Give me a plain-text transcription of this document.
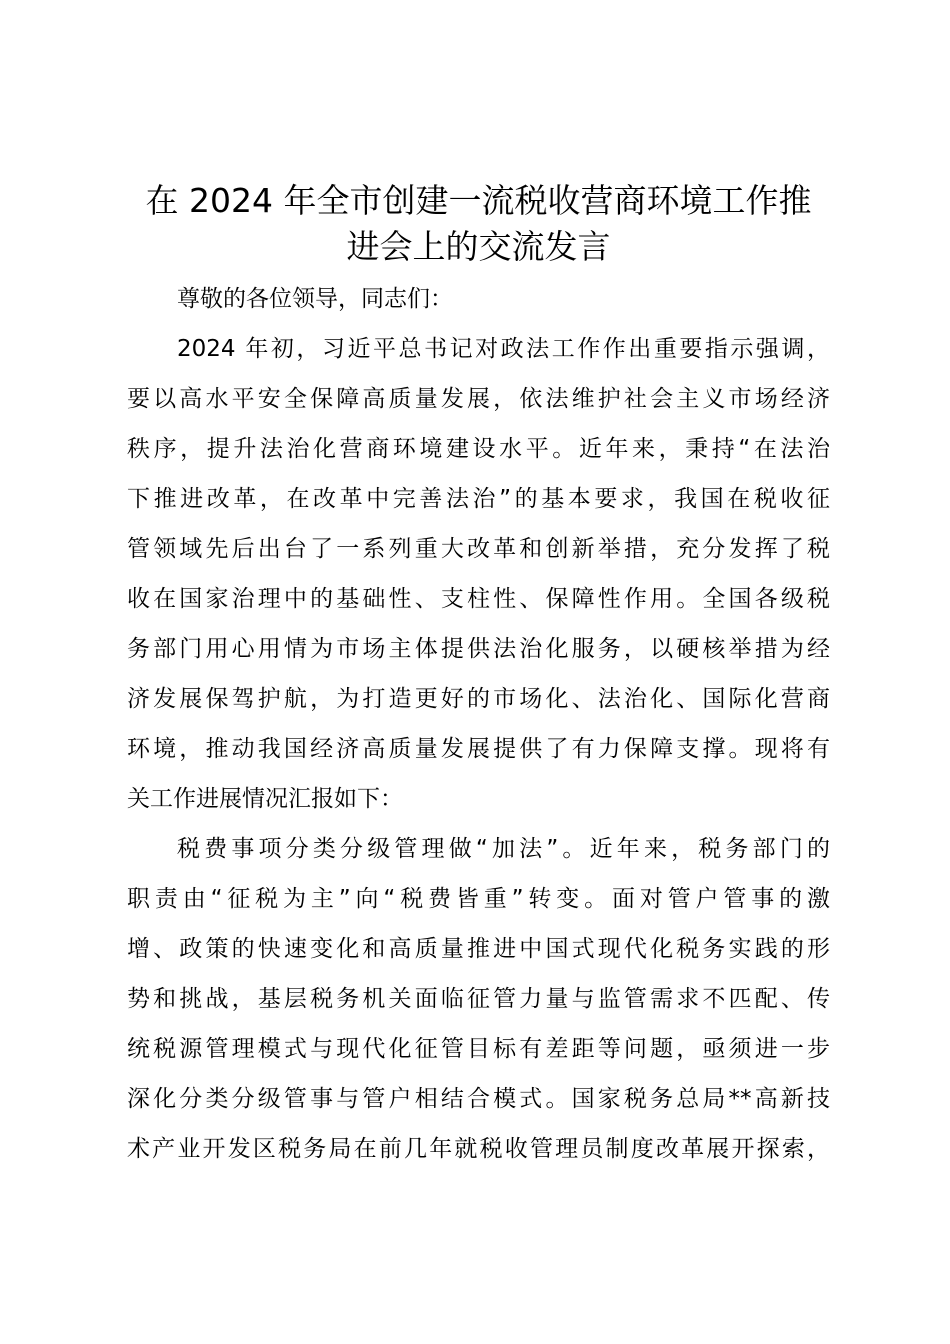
在 2024 年全市创建一流税收营商环境工作推
进会上的交流发言

尊敬的各位领导，同志们：

2024 年初，习近平总书记对政法工作作出重要指示强调，
要以高水平安全保障高质量发展，依法维护社会主义市场经济
秩序，提升法治化营商环境建设水平。近年来，秉持“在法治
下推进改革，在改革中完善法治”的基本要求，我国在税收征
管领域先后出台了一系列重大改革和创新举措，充分发挥了税
收在国家治理中的基础性、支柱性、保障性作用。全国各级税
务部门用心用情为市场主体提供法治化服务，以硬核举措为经
济发展保驾护航，为打造更好的市场化、法治化、国际化营商
环境，推动我国经济高质量发展提供了有力保障支撑。现将有
关工作进展情况汇报如下：

税费事项分类分级管理做“加法”。近年来，税务部门的
职责由“征税为主”向“税费皆重”转变。面对管户管事的激
增、政策的快速变化和高质量推进中国式现代化税务实践的形
势和挑战，基层税务机关面临征管力量与监管需求不匹配、传
统税源管理模式与现代化征管目标有差距等问题，亟须进一步
深化分类分级管事与管户相结合模式。国家税务总局**高新技
术产业开发区税务局在前几年就税收管理员制度改革展开探索，
